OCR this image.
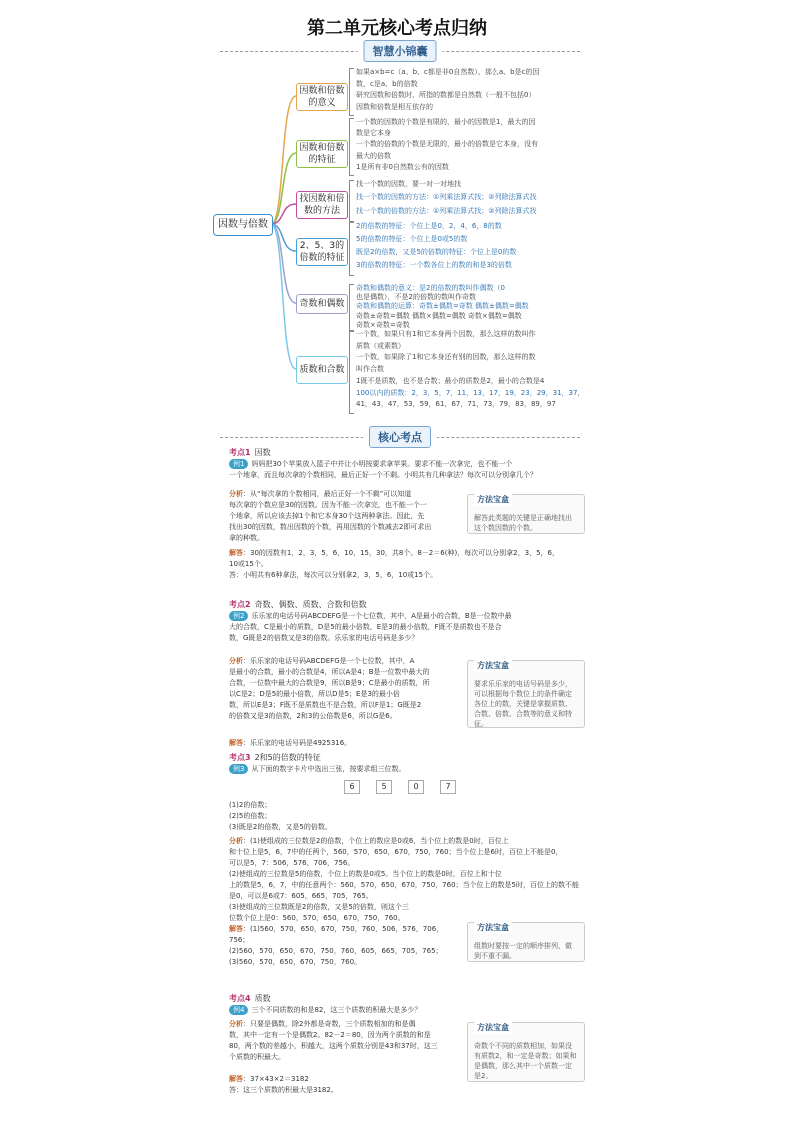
第二单元核心考点归纳
智慧小锦囊
因数与倍数
因数和倍数的意义
如果a×b=c（a、b、c都是非0自然数），那么a、b是c的因
数，c是a、b的倍数
研究因数和倍数时，所指的数都是自然数（一般不包括0）
因数和倍数是相互依存的
因数和倍数的特征
一个数的因数的个数是有限的，最小的因数是1，最大的因
数是它本身
一个数的倍数的个数是无限的，最小的倍数是它本身，没有
最大的倍数
1是所有非0自然数公有的因数
找因数和倍数的方法
找一个数的因数，要一对一对地找
找一个数的因数的方法：①列乘法算式找；②列除法算式找
找一个数的倍数的方法：①列乘法算式找；②列除法算式找
2、5、3的倍数的特征
2的倍数的特征：个位上是0，2，4，6，8的数
5的倍数的特征：个位上是0或5的数
既是2的倍数，又是5的倍数的特征：个位上是0的数
3的倍数的特征：一个数各位上的数的和是3的倍数
奇数和偶数
奇数和偶数的意义：是2的倍数的数叫作偶数（0
也是偶数），不是2的倍数的数叫作奇数
奇数和偶数的运算：奇数±偶数=奇数 偶数±偶数=偶数
奇数±奇数=偶数 偶数×偶数=偶数 奇数×偶数=偶数
奇数×奇数=奇数
质数和合数
一个数，如果只有1和它本身两个因数，那么这样的数叫作
质数（或素数）
一个数，如果除了1和它本身还有别的因数，那么这样的数
叫作合数
1既不是质数，也不是合数；最小的质数是2，最小的合数是4
100以内的质数：2，3，5，7，11，13，17，19，23，29，31，37，
41，43，47，53，59，61，67，71，73，79，83，89，97
核心考点
考点1 因数
例1 妈妈把30个苹果放入篮子中并让小明按要求拿苹果。要求不能一次拿完，也不能一个
一个地拿，而且每次拿的个数相同，最后正好一个不剩。小明共有几种拿法？每次可以分别拿几个？
分析：从“每次拿的个数相同，最后正好一个不剩”可以知道
每次拿的个数应是30的因数。因为不能一次拿完，也不能一个一
个地拿，所以应该去掉1个和它本身30个这两种拿法。因此，先
找出30的因数，数出因数的个数，再用因数的个数减去2即可求出
拿的种数。
方法宝盒
解答此类题的关键是正确地找出这个数因数的个数。
解答：30的因数有1，2，3，5，6，10，15，30，共8个。8－2＝6(种)，每次可以分别拿2，3，5，6，
10或15个。
答：小明共有6种拿法，每次可以分别拿2，3，5，6，10或15个。
考点2 奇数、偶数、质数、合数和倍数
例2 乐乐家的电话号码ABCDEFG是一个七位数，其中，A是最小的合数，B是一位数中最
大的合数，C是最小的质数，D是5的最小倍数，E是3的最小倍数，F既不是质数也不是合
数，G既是2的倍数又是3的倍数。乐乐家的电话号码是多少？
分析：乐乐家的电话号码ABCDEFG是一个七位数，其中，A
是最小的合数，最小的合数是4，所以A是4；B是一位数中最大的
合数，一位数中最大的合数是9，所以B是9；C是最小的质数，所
以C是2；D是5的最小倍数，所以D是5；E是3的最小倍
数，所以E是3；F既不是质数也不是合数，所以F是1；G既是2
的倍数又是3的倍数，2和3的公倍数是6，所以G是6。
方法宝盒
要求乐乐家的电话号码是多少，可以根据每个数位上的条件确定各位上的数，关键是掌握质数、合数、倍数、合数等的意义和特征。
解答：乐乐家的电话号码是4925316。
考点3 2和5的倍数的特征
例3 从下面的数字卡片中选出三张，按要求组三位数。
6	5	0	7
(1)2的倍数；
(2)5的倍数；
(3)既是2的倍数，又是5的倍数。
分析：(1)使组成的三位数是2的倍数，个位上的数应是0或6，当个位上的数是0时，百位上
和十位上是5，6，7中的任两个，560，570，650，670，750，760；当个位上是6时，百位上不能是0，
可以是5，7：506，576，706，756。
(2)使组成的三位数是5的倍数，个位上的数是0或5。当个位上的数是0时，百位上和十位
上的数是5，6，7，中的任意两个：560，570，650，670，750，760；当个位上的数是5时，百位上的数不能
是0，可以是6或7：605，665，705，765。
(3)使组成的三位数既是2的倍数，又是5的倍数，则这个三
位数个位上是0：560，570，650，670，750，760。
解答：(1)560，570，650，670，750，760，506，576，706，756；
(2)560，570，650，670，750，760，605，665，705，765；
(3)560，570，650，670，750，760。
方法宝盒
组数时要按一定的顺序排列，做到不重不漏。
考点4 质数
例4 三个不同质数的和是82，这三个质数的积最大是多少？
分析：只要是偶数，除2外都是奇数，三个质数相加的和是偶
数，其中一定有一个是偶数2。82－2＝80，因为两个质数的和是
80，两个数的差越小，积越大，这两个质数分别是43和37时，这三
个质数的积最大。
方法宝盒
奇数个不同的质数相加，如果没有质数2，和一定是奇数；如果和是偶数，那么其中一个质数一定是2。
解答：37×43×2＝3182
答：这三个质数的积最大是3182。
